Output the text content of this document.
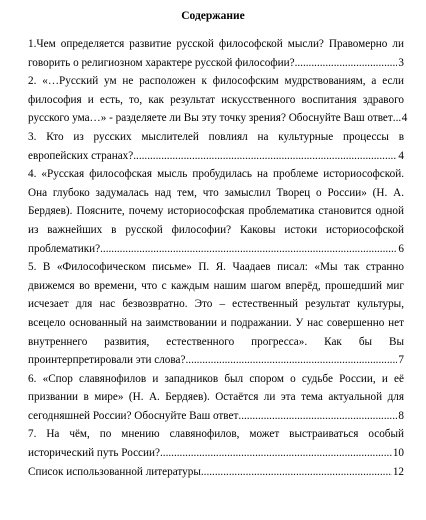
Содержание
1.Чем определяется развитие русской философской мысли? Правомерно ли
говорить о религиозном характере русской философии? .....	3
2. «…Русский ум не расположен к философским мудрствованиям, а если
философия и есть, то, как результат искусственного воспитания здравого
русского ума…» - разделяете ли Вы эту точку зрения? Обоснуйте Ваш ответ ..... 4
3. Кто из русских мыслителей повлиял на культурные процессы в
европейских странах? .....	4
4. «Русская философская мысль пробудилась на проблеме историософской.
Она глубоко задумалась над тем, что замыслил Творец о России» (Н. А.
Бердяев). Поясните, почему историософская проблематика становится одной
из важнейших в русской философии? Каковы истоки историософской
проблематики? .....	6
5. В «Философическом письме» П. Я. Чаадаев писал: «Мы так странно
движемся во времени, что с каждым нашим шагом вперёд, прошедший миг
исчезает для нас безвозвратно. Это – естественный результат культуры,
всецело основанный на заимствовании и подражании. У нас совершенно нет
внутреннего развития, естественного прогресса». Как бы Вы
проинтерпретировали эти слова? .....	7
6. «Спор славянофилов и западников был спором о судьбе России, и её
призвании в мире» (Н. А. Бердяев). Остаётся ли эта тема актуальной для
сегодняшней России? Обоснуйте Ваш ответ .....	8
7. На чём, по мнению славянофилов, может выстраиваться особый
исторический путь России? .....	10
Список использованной литературы .....	12
